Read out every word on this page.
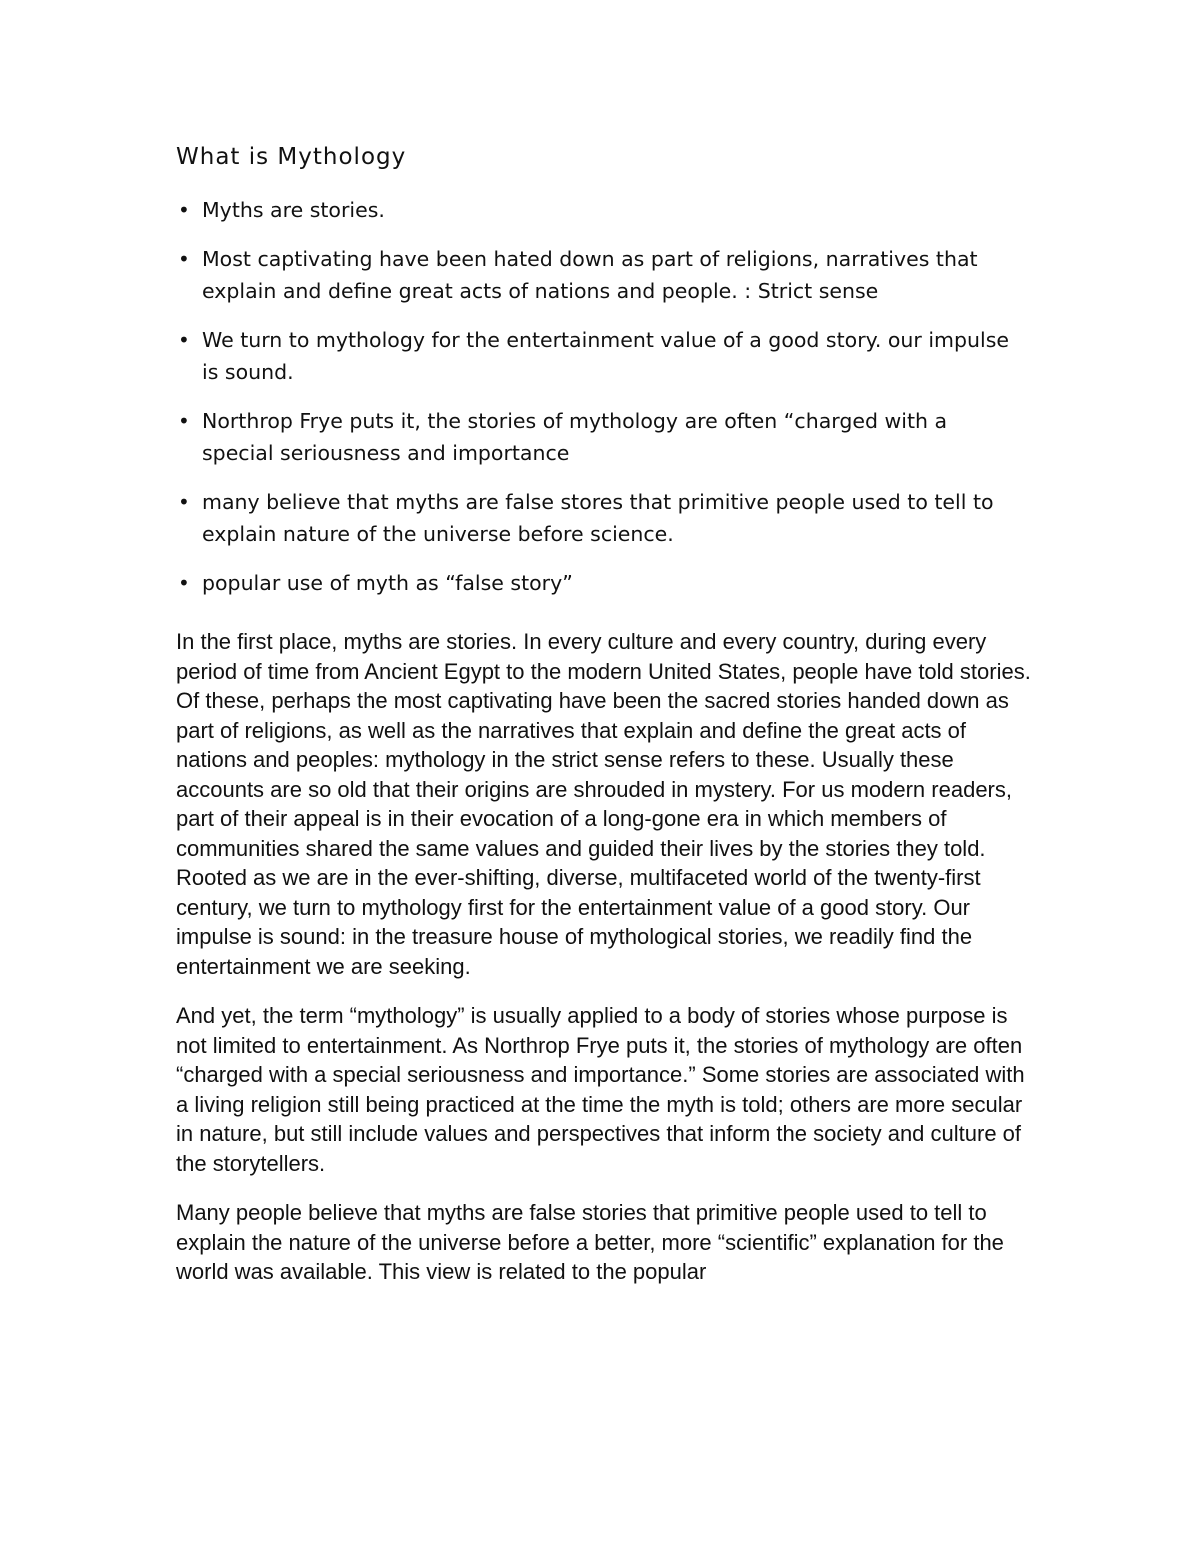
What is Mythology
• Myths are stories.
• Most captivating have been hated down as part of religions, narratives that explain and define great acts of nations and people. : Strict sense
• We turn to mythology for the entertainment value of a good story. our impulse is sound.
• Northrop Frye puts it, the stories of mythology are often “charged with a special seriousness and importance
• many believe that myths are false stores that primitive people used to tell to explain nature of the universe before science.
• popular use of myth as “false story”

In the first place, myths are stories. In every culture and every country, during every period of time from Ancient Egypt to the modern United States, people have told stories. Of these, perhaps the most captivating have been the sacred stories handed down as part of religions, as well as the narratives that explain and define the great acts of nations and peoples: mythology in the strict sense refers to these. Usually these accounts are so old that their origins are shrouded in mystery. For us modern readers, part of their appeal is in their evocation of a long-gone era in which members of communities shared the same values and guided their lives by the stories they told. Rooted as we are in the ever-shifting, diverse, multifaceted world of the twenty-first century, we turn to mythology first for the entertainment value of a good story. Our impulse is sound: in the treasure house of mythological stories, we readily find the entertainment we are seeking.

And yet, the term “mythology” is usually applied to a body of stories whose purpose is not limited to entertainment. As Northrop Frye puts it, the stories of mythology are often “charged with a special seriousness and importance.” Some stories are associated with a living religion still being practiced at the time the myth is told; others are more secular in nature, but still include values and perspectives that inform the society and culture of the storytellers.

Many people believe that myths are false stories that primitive people used to tell to explain the nature of the universe before a better, more “scientific” explanation for the world was available. This view is related to the popular
